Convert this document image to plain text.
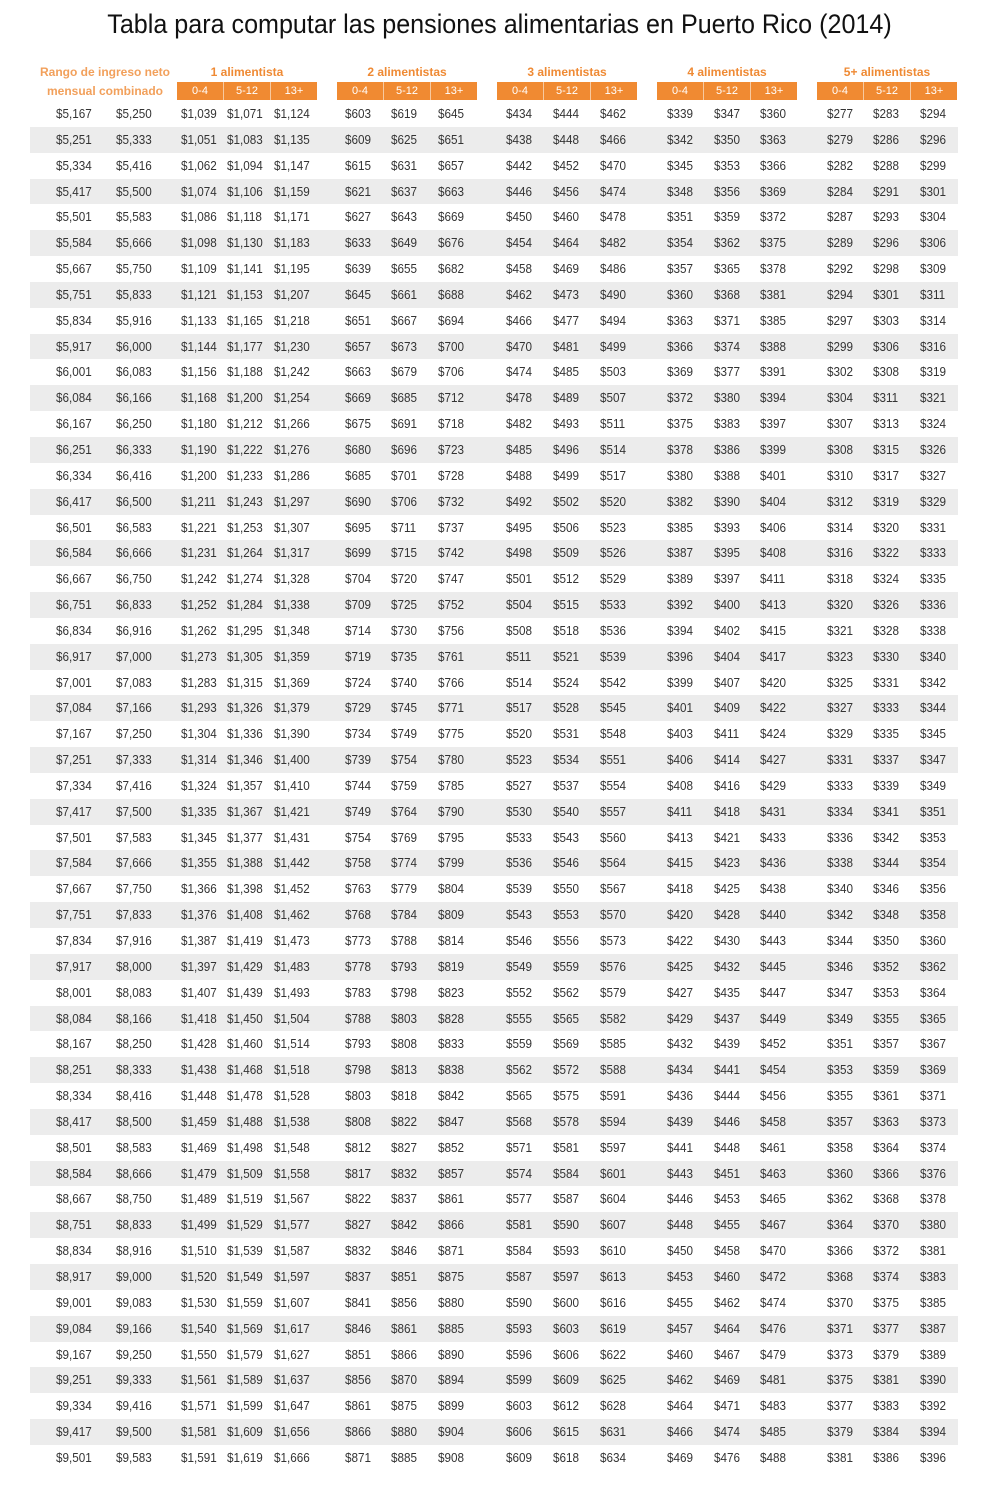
Tabla para computar las pensiones alimentarias en Puerto Rico (2014)
Rango de ingreso neto
mensual combinado
1 alimentista
0-4	5-12	13+
2 alimentistas
0-4	5-12	13+
3 alimentistas
0-4	5-12	13+
4 alimentistas
0-4	5-12	13+
5+ alimentistas
0-4	5-12	13+
$5,167 $5,250 $1,039 $1,071 $1,124	$603 $619 $645	$434 $444 $462	$339 $347 $360	$277 $283 $294
$5,251 $5,333 $1,051 $1,083 $1,135	$609 $625 $651	$438 $448 $466	$342 $350 $363	$279 $286 $296
$5,334 $5,416 $1,062 $1,094 $1,147	$615 $631 $657	$442 $452 $470	$345 $353 $366	$282 $288 $299
$5,417 $5,500 $1,074 $1,106 $1,159	$621 $637 $663	$446 $456 $474	$348 $356 $369	$284 $291 $301
$5,501 $5,583 $1,086 $1,118 $1,171	$627 $643 $669	$450 $460 $478	$351 $359 $372	$287 $293 $304
$5,584 $5,666 $1,098 $1,130 $1,183	$633 $649 $676	$454 $464 $482	$354 $362 $375	$289 $296 $306
$5,667 $5,750 $1,109 $1,141 $1,195	$639 $655 $682	$458 $469 $486	$357 $365 $378	$292 $298 $309
$5,751 $5,833 $1,121 $1,153 $1,207	$645 $661 $688	$462 $473 $490	$360 $368 $381	$294 $301 $311
$5,834 $5,916 $1,133 $1,165 $1,218	$651 $667 $694	$466 $477 $494	$363 $371 $385	$297 $303 $314
$5,917 $6,000 $1,144 $1,177 $1,230	$657 $673 $700	$470 $481 $499	$366 $374 $388	$299 $306 $316
$6,001 $6,083 $1,156 $1,188 $1,242	$663 $679 $706	$474 $485 $503	$369 $377 $391	$302 $308 $319
$6,084 $6,166 $1,168 $1,200 $1,254	$669 $685 $712	$478 $489 $507	$372 $380 $394	$304 $311 $321
$6,167 $6,250 $1,180 $1,212 $1,266	$675 $691 $718	$482 $493 $511	$375 $383 $397	$307 $313 $324
$6,251 $6,333 $1,190 $1,222 $1,276	$680 $696 $723	$485 $496 $514	$378 $386 $399	$308 $315 $326
$6,334 $6,416 $1,200 $1,233 $1,286	$685 $701 $728	$488 $499 $517	$380 $388 $401	$310 $317 $327
$6,417 $6,500 $1,211 $1,243 $1,297	$690 $706 $732	$492 $502 $520	$382 $390 $404	$312 $319 $329
$6,501 $6,583 $1,221 $1,253 $1,307	$695 $711 $737	$495 $506 $523	$385 $393 $406	$314 $320 $331
$6,584 $6,666 $1,231 $1,264 $1,317	$699 $715 $742	$498 $509 $526	$387 $395 $408	$316 $322 $333
$6,667 $6,750 $1,242 $1,274 $1,328	$704 $720 $747	$501 $512 $529	$389 $397 $411	$318 $324 $335
$6,751 $6,833 $1,252 $1,284 $1,338	$709 $725 $752	$504 $515 $533	$392 $400 $413	$320 $326 $336
$6,834 $6,916 $1,262 $1,295 $1,348	$714 $730 $756	$508 $518 $536	$394 $402 $415	$321 $328 $338
$6,917 $7,000 $1,273 $1,305 $1,359	$719 $735 $761	$511 $521 $539	$396 $404 $417	$323 $330 $340
$7,001 $7,083 $1,283 $1,315 $1,369	$724 $740 $766	$514 $524 $542	$399 $407 $420	$325 $331 $342
$7,084 $7,166 $1,293 $1,326 $1,379	$729 $745 $771	$517 $528 $545	$401 $409 $422	$327 $333 $344
$7,167 $7,250 $1,304 $1,336 $1,390	$734 $749 $775	$520 $531 $548	$403 $411 $424	$329 $335 $345
$7,251 $7,333 $1,314 $1,346 $1,400	$739 $754 $780	$523 $534 $551	$406 $414 $427	$331 $337 $347
$7,334 $7,416 $1,324 $1,357 $1,410	$744 $759 $785	$527 $537 $554	$408 $416 $429	$333 $339 $349
$7,417 $7,500 $1,335 $1,367 $1,421	$749 $764 $790	$530 $540 $557	$411 $418 $431	$334 $341 $351
$7,501 $7,583 $1,345 $1,377 $1,431	$754 $769 $795	$533 $543 $560	$413 $421 $433	$336 $342 $353
$7,584 $7,666 $1,355 $1,388 $1,442	$758 $774 $799	$536 $546 $564	$415 $423 $436	$338 $344 $354
$7,667 $7,750 $1,366 $1,398 $1,452	$763 $779 $804	$539 $550 $567	$418 $425 $438	$340 $346 $356
$7,751 $7,833 $1,376 $1,408 $1,462	$768 $784 $809	$543 $553 $570	$420 $428 $440	$342 $348 $358
$7,834 $7,916 $1,387 $1,419 $1,473	$773 $788 $814	$546 $556 $573	$422 $430 $443	$344 $350 $360
$7,917 $8,000 $1,397 $1,429 $1,483	$778 $793 $819	$549 $559 $576	$425 $432 $445	$346 $352 $362
$8,001 $8,083 $1,407 $1,439 $1,493	$783 $798 $823	$552 $562 $579	$427 $435 $447	$347 $353 $364
$8,084 $8,166 $1,418 $1,450 $1,504	$788 $803 $828	$555 $565 $582	$429 $437 $449	$349 $355 $365
$8,167 $8,250 $1,428 $1,460 $1,514	$793 $808 $833	$559 $569 $585	$432 $439 $452	$351 $357 $367
$8,251 $8,333 $1,438 $1,468 $1,518	$798 $813 $838	$562 $572 $588	$434 $441 $454	$353 $359 $369
$8,334 $8,416 $1,448 $1,478 $1,528	$803 $818 $842	$565 $575 $591	$436 $444 $456	$355 $361 $371
$8,417 $8,500 $1,459 $1,488 $1,538	$808 $822 $847	$568 $578 $594	$439 $446 $458	$357 $363 $373
$8,501 $8,583 $1,469 $1,498 $1,548	$812 $827 $852	$571 $581 $597	$441 $448 $461	$358 $364 $374
$8,584 $8,666 $1,479 $1,509 $1,558	$817 $832 $857	$574 $584 $601	$443 $451 $463	$360 $366 $376
$8,667 $8,750 $1,489 $1,519 $1,567	$822 $837 $861	$577 $587 $604	$446 $453 $465	$362 $368 $378
$8,751 $8,833 $1,499 $1,529 $1,577	$827 $842 $866	$581 $590 $607	$448 $455 $467	$364 $370 $380
$8,834 $8,916 $1,510 $1,539 $1,587	$832 $846 $871	$584 $593 $610	$450 $458 $470	$366 $372 $381
$8,917 $9,000 $1,520 $1,549 $1,597	$837 $851 $875	$587 $597 $613	$453 $460 $472	$368 $374 $383
$9,001 $9,083 $1,530 $1,559 $1,607	$841 $856 $880	$590 $600 $616	$455 $462 $474	$370 $375 $385
$9,084 $9,166 $1,540 $1,569 $1,617	$846 $861 $885	$593 $603 $619	$457 $464 $476	$371 $377 $387
$9,167 $9,250 $1,550 $1,579 $1,627	$851 $866 $890	$596 $606 $622	$460 $467 $479	$373 $379 $389
$9,251 $9,333 $1,561 $1,589 $1,637	$856 $870 $894	$599 $609 $625	$462 $469 $481	$375 $381 $390
$9,334 $9,416 $1,571 $1,599 $1,647	$861 $875 $899	$603 $612 $628	$464 $471 $483	$377 $383 $392
$9,417 $9,500 $1,581 $1,609 $1,656	$866 $880 $904	$606 $615 $631	$466 $474 $485	$379 $384 $394
$9,501 $9,583 $1,591 $1,619 $1,666	$871 $885 $908	$609 $618 $634	$469 $476 $488	$381 $386 $396
